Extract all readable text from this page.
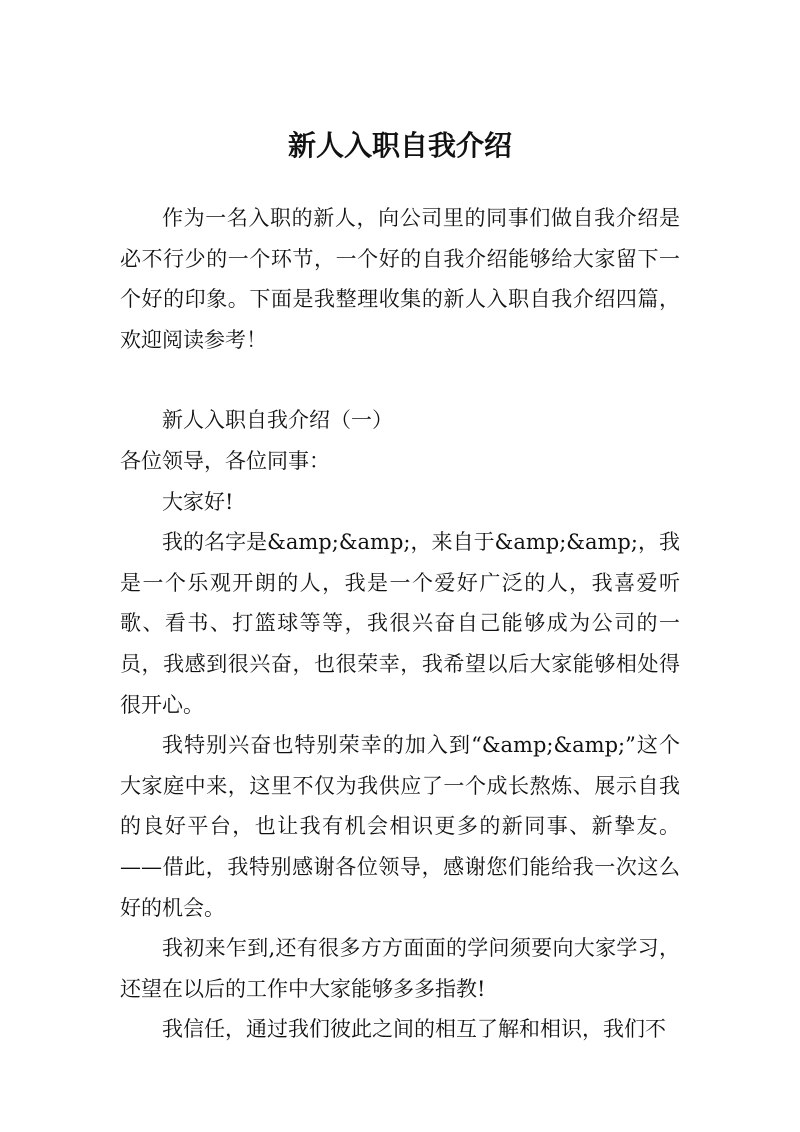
新人入职自我介绍

作为一名入职的新人，向公司里的同事们做自我介绍是必不行少的一个环节，一个好的自我介绍能够给大家留下一个好的印象。下面是我整理收集的新人入职自我介绍四篇，欢迎阅读参考！

新人入职自我介绍（一）

各位领导，各位同事：

大家好!

我的名字是&amp;&amp;，来自于&amp;&amp;，我是一个乐观开朗的人，我是一个爱好广泛的人，我喜爱听歌、看书、打篮球等等，我很兴奋自己能够成为公司的一员，我感到很兴奋，也很荣幸，我希望以后大家能够相处得很开心。

我特别兴奋也特别荣幸的加入到“&amp;&amp;”这个大家庭中来，这里不仅为我供应了一个成长熬炼、展示自我的良好平台，也让我有机会相识更多的新同事、新挚友。——借此，我特别感谢各位领导，感谢您们能给我一次这么好的机会。

我初来乍到,还有很多方方面面的学问须要向大家学习，还望在以后的工作中大家能够多多指教!

我信任，通过我们彼此之间的相互了解和相识，我们不
